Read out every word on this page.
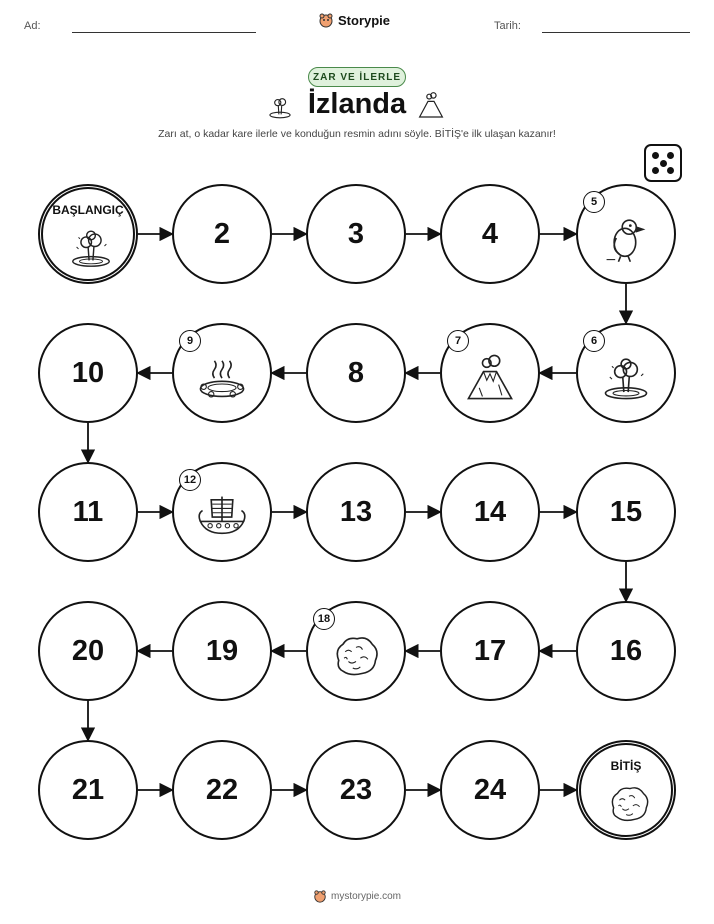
Ad:	Storypie	Tarih:
ZAR VE İLERLE
İzlanda
Zarı at, o kadar kare ilerle ve konduğun resmin adını söyle. BİTİŞ'e ilk ulaşan kazanır!
BAŞLANGIÇ
2	3	4
5
6
7
8
9
10
11
12
13	14	15
16
17
18
19
20
21	22	23	24
BİTİŞ
mystorypie.com
